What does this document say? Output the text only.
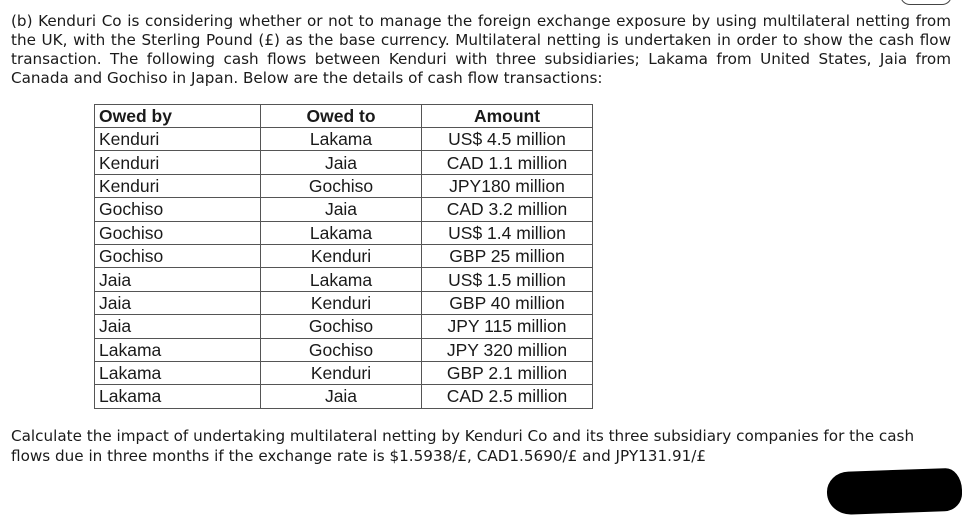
(b) Kenduri Co is considering whether or not to manage the foreign exchange exposure by using multilateral netting from the UK, with the Sterling Pound (£) as the base currency. Multilateral netting is undertaken in order to show the cash flow transaction. The following cash flows between Kenduri with three subsidiaries; Lakama from United States, Jaia from Canada and Gochiso in Japan. Below are the details of cash flow transactions:

Owed by	Owed to	Amount
Kenduri	Lakama	US$ 4.5 million
Kenduri	Jaia	CAD 1.1 million
Kenduri	Gochiso	JPY180 million
Gochiso	Jaia	CAD 3.2 million
Gochiso	Lakama	US$ 1.4 million
Gochiso	Kenduri	GBP 25 million
Jaia	Lakama	US$ 1.5 million
Jaia	Kenduri	GBP 40 million
Jaia	Gochiso	JPY 115 million
Lakama	Gochiso	JPY 320 million
Lakama	Kenduri	GBP 2.1 million
Lakama	Jaia	CAD 2.5 million

Calculate the impact of undertaking multilateral netting by Kenduri Co and its three subsidiary companies for the cash flows due in three months if the exchange rate is $1.5938/£, CAD1.5690/£ and JPY131.91/£
